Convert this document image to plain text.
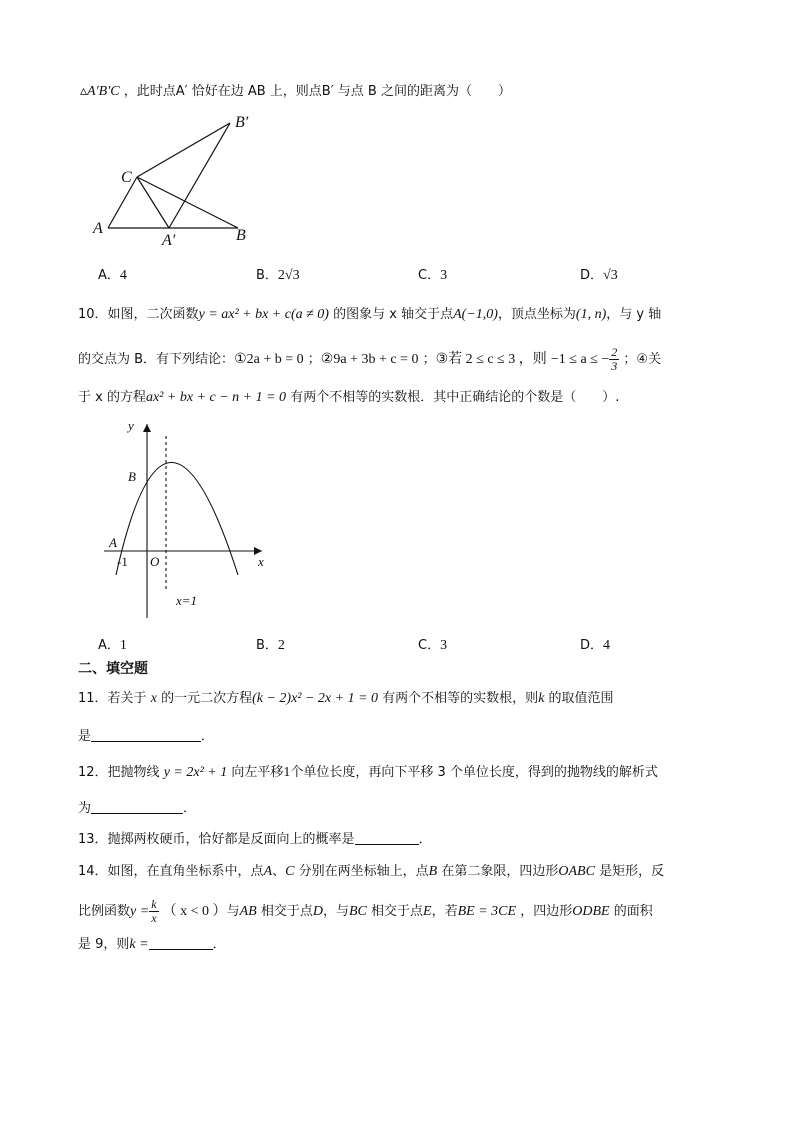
▵A′B′C ，此时点A′ 恰好在边 AB 上，则点B′ 与点 B 之间的距离为（　　）
A
A′	B
C
B′
A．4	B．2√3	C．3	D．√3
10．如图，二次函数y = ax² + bx + c(a ≠ 0) 的图象与 x 轴交于点A(−1,0)，顶点坐标为(1, n)，与 y 轴
的交点为 B．有下列结论：①2a + b = 0 ；②9a + 3b + c = 0 ；③若 2 ≤ c ≤ 3 ，则 −1 ≤ a ≤ − $\frac{2}{3}$ ；④关
于 x 的方程ax² + bx + c − n + 1 = 0 有两个不相等的实数根．其中正确结论的个数是（　　）.
y
x
B
A
-1 O
x=1
A．1	B．2	C．3	D．4
二、填空题
11．若关于 x 的一元二次方程(k − 2)x² − 2x + 1 = 0 有两个不相等的实数根，则k 的取值范围
是	．
12．把抛物线 y = 2x² + 1 向左平移1个单位长度，再向下平移 3 个单位长度，得到的抛物线的解析式
为	．
13．抛掷两枚硬币，恰好都是反面向上的概率是	．
14．如图，在直角坐标系中，点A、C 分别在两坐标轴上，点B 在第二象限，四边形OABC 是矩形，反
比例函数$y = \frac{k}{x}$ （ x < 0 ）与AB 相交于点D，与BC 相交于点E，若BE = 3CE ，四边形ODBE 的面积
是 9，则k =	．
